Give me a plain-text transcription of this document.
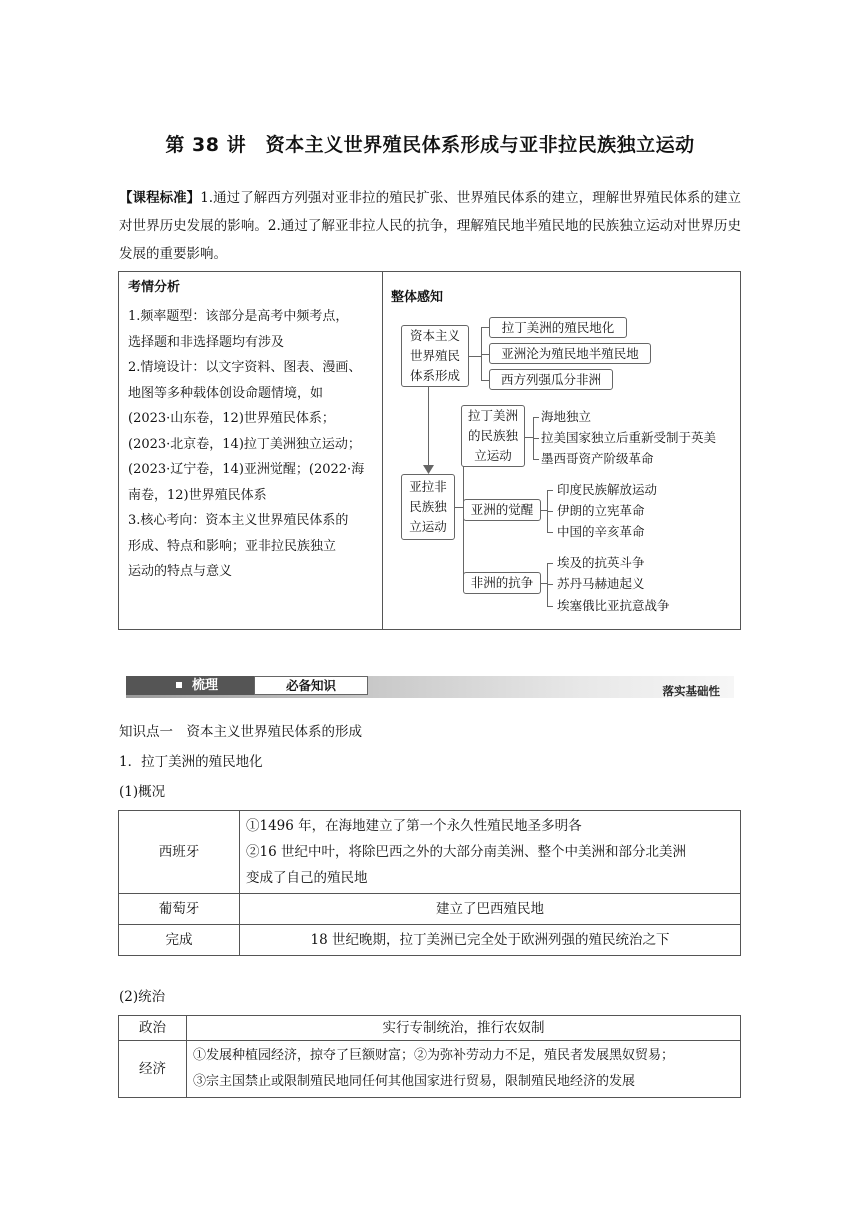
第 38 讲　资本主义世界殖民体系形成与亚非拉民族独立运动
【课程标准】1.通过了解西方列强对亚非拉的殖民扩张、世界殖民体系的建立，理解世界殖民体系的建立对世界历史发展的影响。2.通过了解亚非拉人民的抗争，理解殖民地半殖民地的民族独立运动对世界历史发展的重要影响。
考情分析
1.频率题型：该部分是高考中频考点，
选择题和非选择题均有涉及
2.情境设计：以文字资料、图表、漫画、
地图等多种载体创设命题情境，如
(2023·山东卷，12)世界殖民体系；
(2023·北京卷，14)拉丁美洲独立运动；
(2023·辽宁卷，14)亚洲觉醒；(2022·海
南卷，12)世界殖民体系
3.核心考向：资本主义世界殖民体系的
形成、特点和影响；亚非拉民族独立
运动的特点与意义
整体感知
资本主义世界殖民体系形成
拉丁美洲的殖民地化
亚洲沦为殖民地半殖民地
西方列强瓜分非洲
亚拉非民族独立运动
拉丁美洲的民族独立运动
海地独立
拉美国家独立后重新受制于英美
墨西哥资产阶级革命
亚洲的觉醒
印度民族解放运动
伊朗的立宪革命
中国的辛亥革命
非洲的抗争
埃及的抗英斗争
苏丹马赫迪起义
埃塞俄比亚抗意战争
梳理	必备知识	落实基础性
知识点一　资本主义世界殖民体系的形成
1．拉丁美洲的殖民地化
(1)概况
西班牙	①1496 年，在海地建立了第一个永久性殖民地圣多明各
②16 世纪中叶，将除巴西之外的大部分南美洲、整个中美洲和部分北美洲
变成了自己的殖民地

葡萄牙	建立了巴西殖民地
完成	18 世纪晚期，拉丁美洲已完全处于欧洲列强的殖民统治之下
(2)统治
政治	实行专制统治，推行农奴制
经济	①发展种植园经济，掠夺了巨额财富；②为弥补劳动力不足，殖民者发展黑奴贸易；
③宗主国禁止或限制殖民地同任何其他国家进行贸易，限制殖民地经济的发展
